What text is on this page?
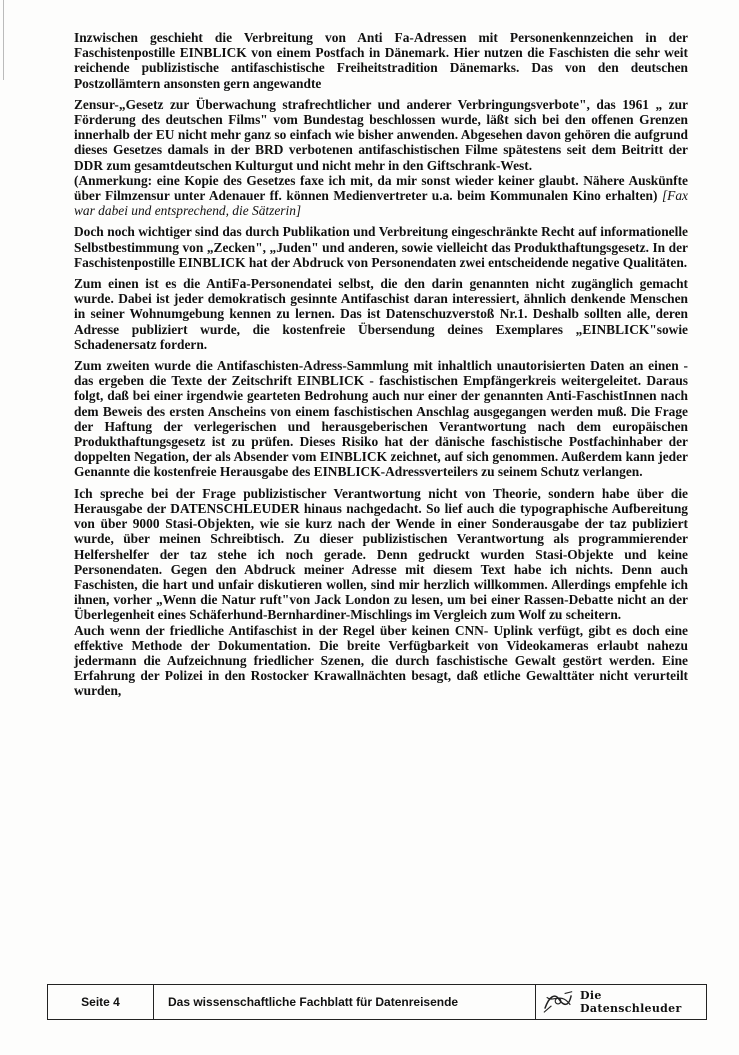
Inzwischen geschieht die Verbreitung von Anti Fa-Adressen mit Personenkennzeichen in der Faschistenpostille EINBLICK von einem Postfach in Dänemark. Hier nutzen die Faschisten die sehr weit reichende publizistische antifaschistische Freiheitstradition Dänemarks. Das von den deutschen Postzollämtern ansonsten gern angewandte

Zensur-„Gesetz zur Überwachung strafrechtlicher und anderer Verbringungsverbote", das 1961 „ zur Förderung des deutschen Films" vom Bundestag beschlossen wurde, läßt sich bei den offenen Grenzen innerhalb der EU nicht mehr ganz so einfach wie bisher anwenden. Abgesehen davon gehören die aufgrund dieses Gesetzes damals in der BRD verbotenen antifaschistischen Filme spätestens seit dem Beitritt der DDR zum gesamtdeutschen Kulturgut und nicht mehr in den Giftschrank-West.

(Anmerkung: eine Kopie des Gesetzes faxe ich mit, da mir sonst wieder keiner glaubt. Nähere Auskünfte über Filmzensur unter Adenauer ff. können Medienvertreter u.a. beim Kommunalen Kino erhalten) [Fax war dabei und entsprechend, die Sätzerin]

Doch noch wichtiger sind das durch Publikation und Verbreitung eingeschränkte Recht auf informationelle Selbstbestimmung von „Zecken", „Juden" und anderen, sowie vielleicht das Produkthaftungsgesetz. In der Faschistenpostille EINBLICK hat der Abdruck von Personendaten zwei entscheidende negative Qualitäten.

Zum einen ist es die AntiFa-Personendatei selbst, die den darin genannten nicht zugänglich gemacht wurde. Dabei ist jeder demokratisch gesinnte Antifaschist daran interessiert, ähnlich denkende Menschen in seiner Wohnumgebung kennen zu lernen. Das ist Datenschuzverstoß Nr.1. Deshalb sollten alle, deren Adresse publiziert wurde, die kostenfreie Übersendung deines Exemplares „EINBLICK"sowie Schadenersatz fordern.

Zum zweiten wurde die Antifaschisten-Adress-Sammlung mit inhaltlich unautorisierten Daten an einen - das ergeben die Texte der Zeitschrift EINBLICK - faschistischen Empfängerkreis weitergeleitet. Daraus folgt, daß bei einer irgendwie gearteten Bedrohung auch nur einer der genannten Anti-FaschistInnen nach dem Beweis des ersten Anscheins von einem faschistischen Anschlag ausgegangen werden muß. Die Frage der Haftung der verlegerischen und herausgeberischen Verantwortung nach dem europäischen Produkthaftungsgesetz ist zu prüfen. Dieses Risiko hat der dänische faschistische Postfachinhaber der doppelten Negation, der als Absender vom EINBLICK zeichnet, auf sich genommen. Außerdem kann jeder Genannte die kostenfreie Herausgabe des EINBLICK-Adressverteilers zu seinem Schutz verlangen.

Ich spreche bei der Frage publizistischer Verantwortung nicht von Theorie, sondern habe über die Herausgabe der DATENSCHLEUDER hinaus nachgedacht. So lief auch die typographische Aufbereitung von über 9000 Stasi-Objekten, wie sie kurz nach der Wende in einer Sonderausgabe der taz publiziert wurde, über meinen Schreibtisch. Zu dieser publizistischen Verantwortung als programmierender Helfershelfer der taz stehe ich noch gerade. Denn gedruckt wurden Stasi-Objekte und keine Personendaten. Gegen den Abdruck meiner Adresse mit diesem Text habe ich nichts. Denn auch Faschisten, die hart und unfair diskutieren wollen, sind mir herzlich willkommen. Allerdings empfehle ich ihnen, vorher „Wenn die Natur ruft"von Jack London zu lesen, um bei einer Rassen-Debatte nicht an der Überlegenheit eines Schäferhund-Bernhardiner-Mischlings im Vergleich zum Wolf zu scheitern.

Auch wenn der friedliche Antifaschist in der Regel über keinen CNN- Uplink verfügt, gibt es doch eine effektive Methode der Dokumentation. Die breite Verfügbarkeit von Videokameras erlaubt nahezu jedermann die Aufzeichnung friedlicher Szenen, die durch faschistische Gewalt gestört werden. Eine Erfahrung der Polizei in den Rostocker Krawallnächten besagt, daß etliche Gewalttäter nicht verurteilt wurden,

Seite 4	Das wissenschaftliche Fachblatt für Datenreisende	Die Datenschleuder
